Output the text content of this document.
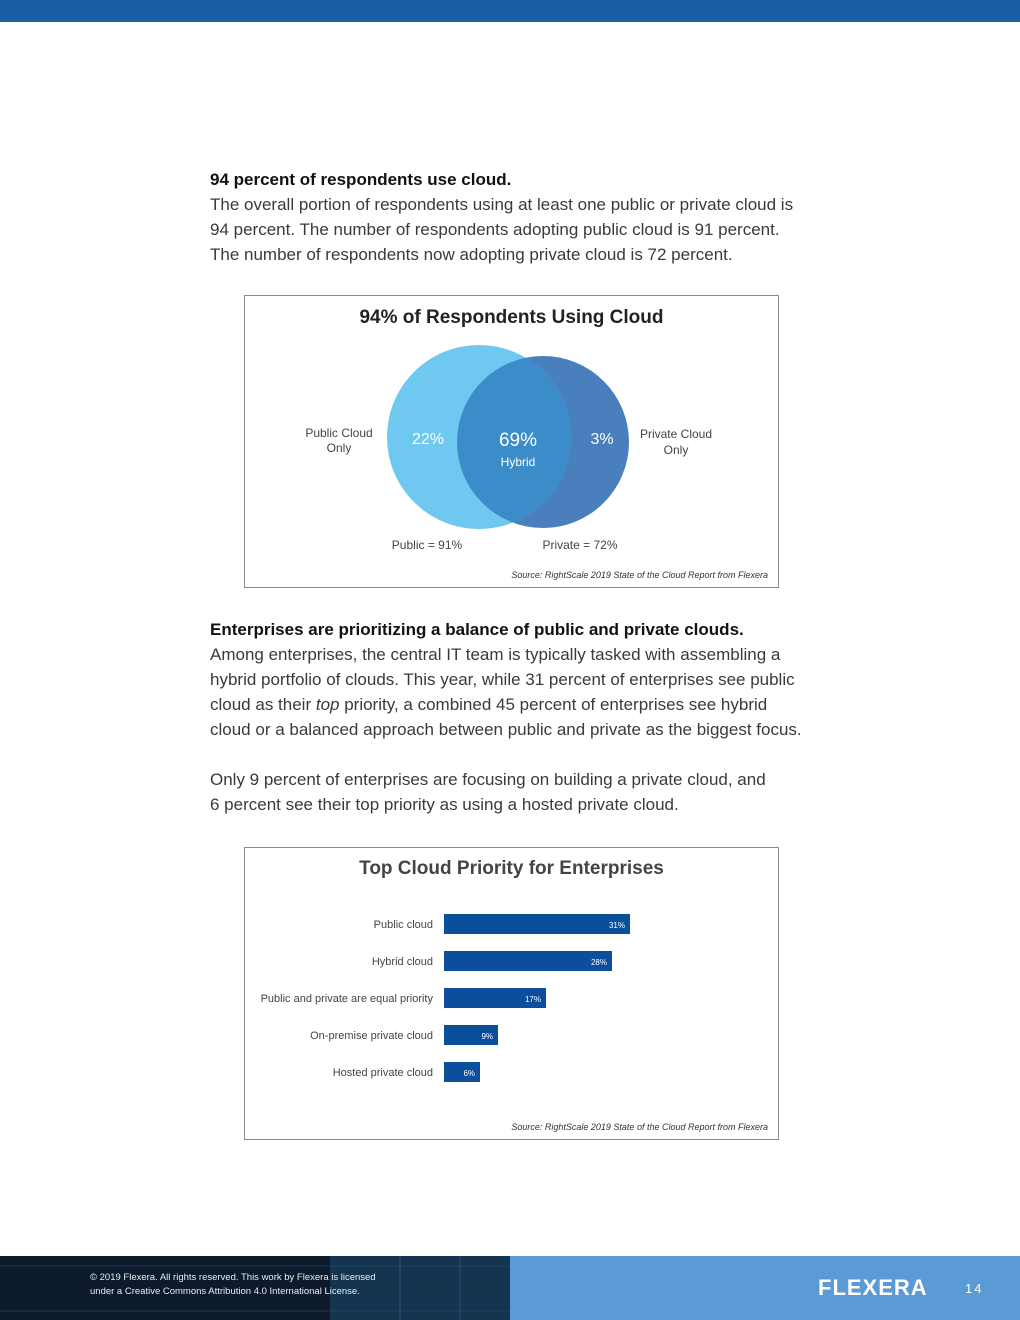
94 percent of respondents use cloud.

The overall portion of respondents using at least one public or private cloud is

94 percent. The number of respondents adopting public cloud is 91 percent.

The number of respondents now adopting private cloud is 72 percent.

94% of Respondents Using Cloud
Public Cloud
Only
Private Cloud
Only
22%	69%
Hybrid
3%
Public = 91%	Private = 72%
Source: RightScale 2019 State of the Cloud Report from Flexera
Enterprises are prioritizing a balance of public and private clouds.

Among enterprises, the central IT team is typically tasked with assembling a

hybrid portfolio of clouds. This year, while 31 percent of enterprises see public

cloud as their top priority, a combined 45 percent of enterprises see hybrid

cloud or a balanced approach between public and private as the biggest focus.

Only 9 percent of enterprises are focusing on building a private cloud, and

6 percent see their top priority as using a hosted private cloud.

Top Cloud Priority for Enterprises
Public cloud	31%
Hybrid cloud	28%
Public and private are equal priority	17%
On-premise private cloud	9%
Hosted private cloud	6%
Source: RightScale 2019 State of the Cloud Report from Flexera
© 2019 Flexera. All rights reserved. This work by Flexera is licensed
under a Creative Commons Attribution 4.0 International License.	FLEXERA	14
